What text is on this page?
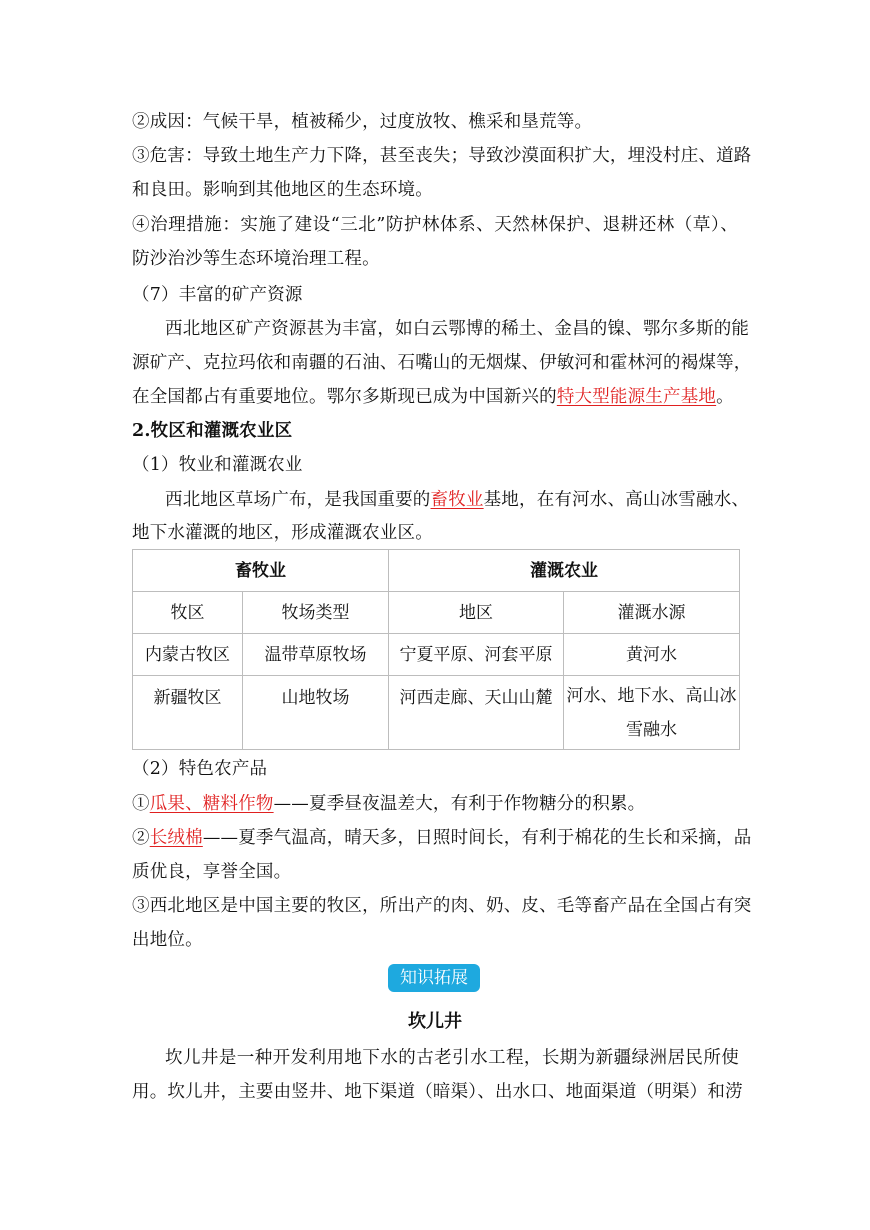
②成因：气候干旱，植被稀少，过度放牧、樵采和垦荒等。
③危害：导致土地生产力下降，甚至丧失；导致沙漠面积扩大，埋没村庄、道路
和良田。影响到其他地区的生态环境。
④治理措施：实施了建设“三北”防护林体系、天然林保护、退耕还林（草）、
防沙治沙等生态环境治理工程。
（7）丰富的矿产资源
西北地区矿产资源甚为丰富，如白云鄂博的稀土、金昌的镍、鄂尔多斯的能
源矿产、克拉玛依和南疆的石油、石嘴山的无烟煤、伊敏河和霍林河的褐煤等，
在全国都占有重要地位。鄂尔多斯现已成为中国新兴的特大型能源生产基地。
2.牧区和灌溉农业区
（1）牧业和灌溉农业
西北地区草场广布，是我国重要的畜牧业基地，在有河水、高山冰雪融水、
地下水灌溉的地区，形成灌溉农业区。
畜牧业		灌溉农业	
牧区	牧场类型	地区	灌溉水源
内蒙古牧区	温带草原牧场	宁夏平原、河套平原	黄河水
新疆牧区	山地牧场	河西走廊、天山山麓	河水、地下水、高山冰雪融水
（2）特色农产品
①瓜果、糖料作物——夏季昼夜温差大，有利于作物糖分的积累。
②长绒棉——夏季气温高，晴天多，日照时间长，有利于棉花的生长和采摘，品
质优良，享誉全国。
③西北地区是中国主要的牧区，所出产的肉、奶、皮、毛等畜产品在全国占有突
出地位。
知识拓展
坎儿井
坎儿井是一种开发利用地下水的古老引水工程，长期为新疆绿洲居民所使
用。坎儿井，主要由竖井、地下渠道（暗渠）、出水口、地面渠道（明渠）和涝
